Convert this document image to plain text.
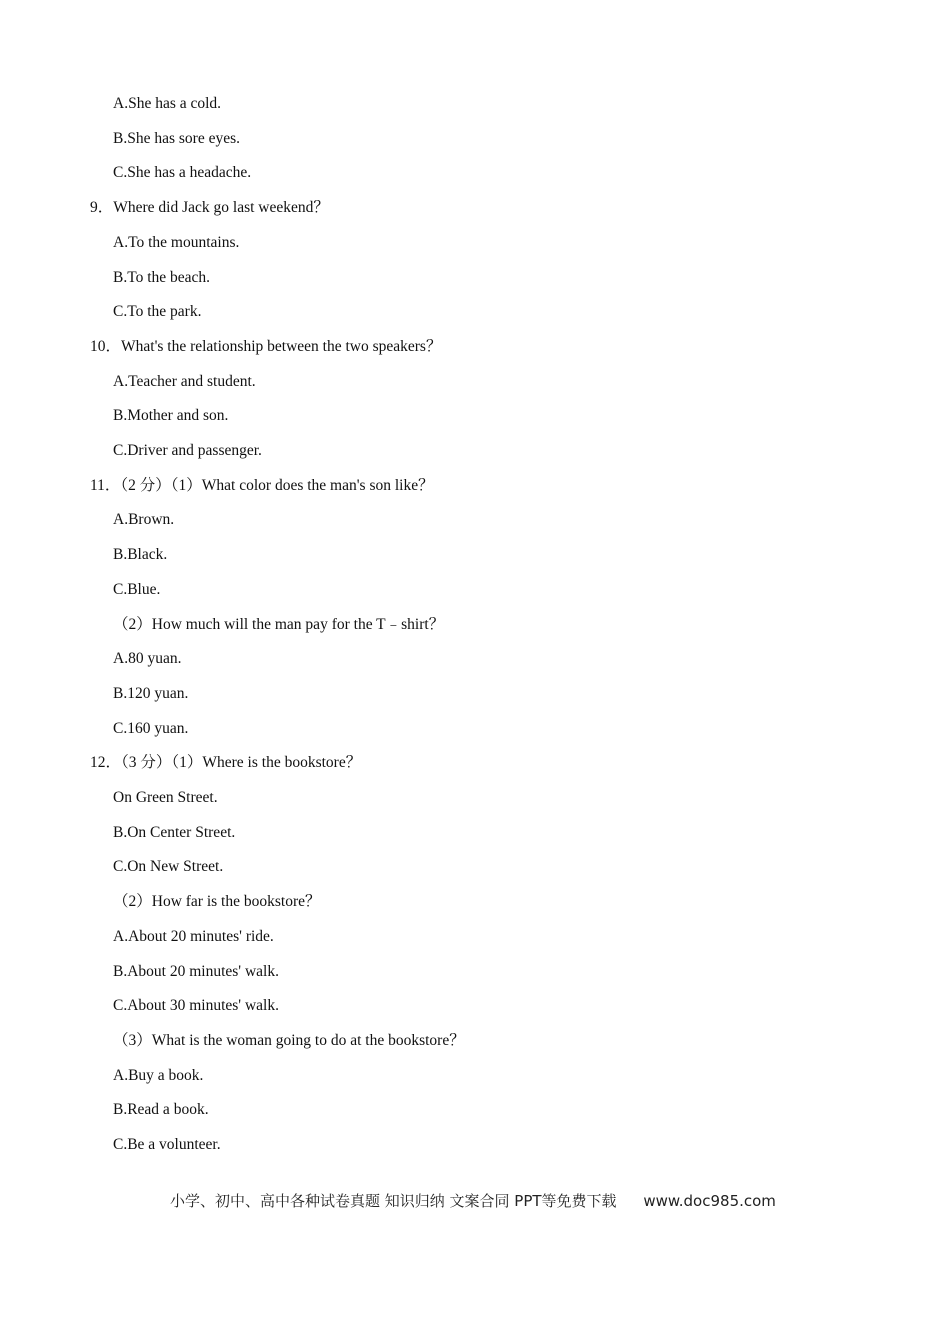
A.She has a cold.
B.She has sore eyes.
C.She has a headache.
9．Where did Jack go last weekend？
A.To the mountains.
B.To the beach.
C.To the park.
10．What's the relationship between the two speakers？
A.Teacher and student.
B.Mother and son.
C.Driver and passenger.
11．（2 分）（1）What color does the man's son like？
A.Brown.
B.Black.
C.Blue.
（2）How much will the man pay for the T﹣shirt？
A.80 yuan.
B.120 yuan.
C.160 yuan.
12．（3 分）（1）Where is the bookstore？
On Green Street.
B.On Center Street.
C.On New Street.
（2）How far is the bookstore？
A.About 20 minutes' ride.
B.About 20 minutes' walk.
C.About 30 minutes' walk.
（3）What is the woman going to do at the bookstore？
A.Buy a book.
B.Read a book.
C.Be a volunteer.
小学、初中、高中各种试卷真题 知识归纳 文案合同 PPT等免费下载 www.doc985.com
